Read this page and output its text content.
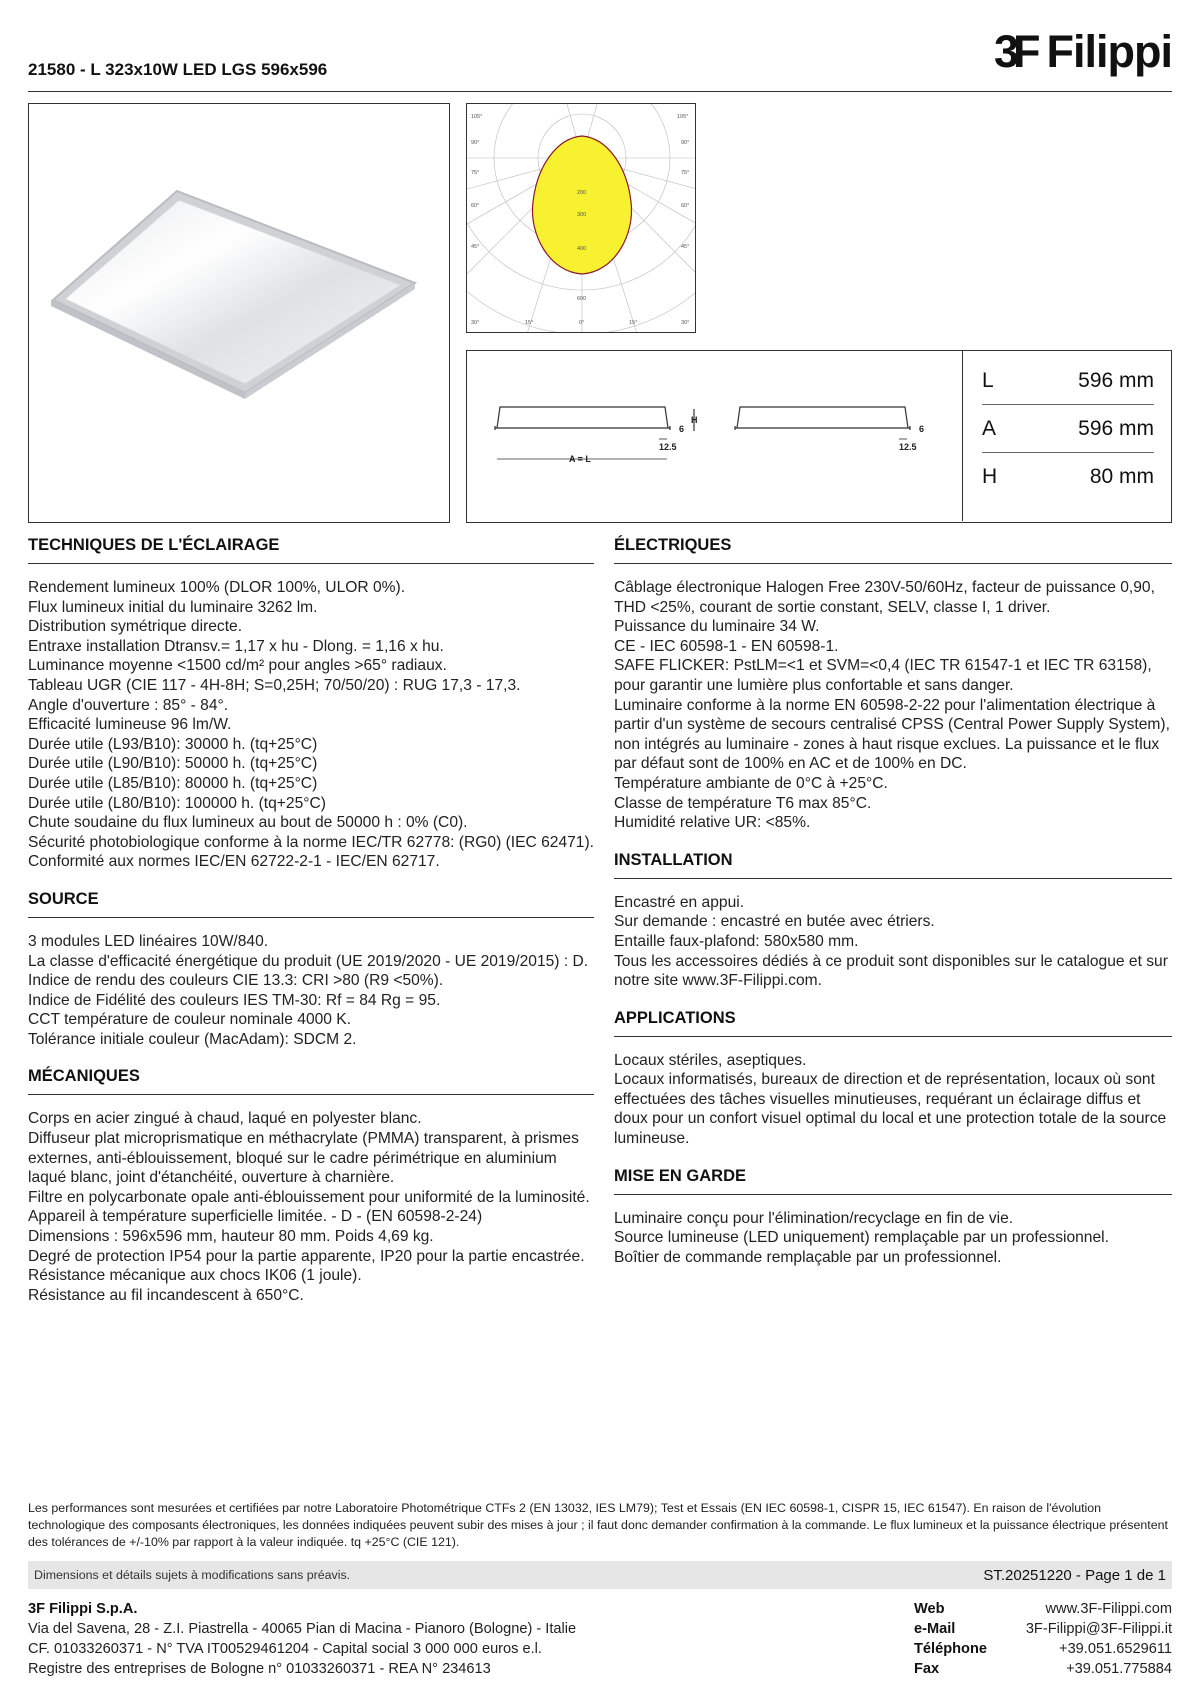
21580 - L 323x10W LED LGS 596x596	3F Filippi
105°	105°
90°
75°
60°
45°
90°
75°
60°
45°
30°	15°	0°	15°	30°
200
300
400
600
H
6	6
12.5	12.5
A = L
L	596 mm
A	596 mm
H	80 mm
TECHNIQUES DE L'ÉCLAIRAGE

Rendement lumineux 100% (DLOR 100%, ULOR 0%).

Flux lumineux initial du luminaire 3262 lm.

Distribution symétrique directe.

Entraxe installation Dtransv.= 1,17 x hu - Dlong. = 1,16 x hu.

Luminance moyenne <1500 cd/m² pour angles >65° radiaux.

Tableau UGR (CIE 117 - 4H-8H; S=0,25H; 70/50/20) : RUG 17,3 - 17,3.

Angle d'ouverture : 85° - 84°.

Efficacité lumineuse 96 lm/W.

Durée utile (L93/B10): 30000 h. (tq+25°C)

Durée utile (L90/B10): 50000 h. (tq+25°C)

Durée utile (L85/B10): 80000 h. (tq+25°C)

Durée utile (L80/B10): 100000 h. (tq+25°C)

Chute soudaine du flux lumineux au bout de 50000 h : 0% (C0).

Sécurité photobiologique conforme à la norme IEC/TR 62778: (RG0) (IEC 62471).

Conformité aux normes IEC/EN 62722-2-1 - IEC/EN 62717.

SOURCE

3 modules LED linéaires 10W/840.

La classe d'efficacité énergétique du produit (UE 2019/2020 - UE 2019/2015) : D.

Indice de rendu des couleurs CIE 13.3: CRI >80 (R9 <50%).

Indice de Fidélité des couleurs IES TM-30: Rf = 84 Rg = 95.

CCT température de couleur nominale 4000 K.

Tolérance initiale couleur (MacAdam): SDCM 2.

MÉCANIQUES

Corps en acier zingué à chaud, laqué en polyester blanc.

Diffuseur plat microprismatique en méthacrylate (PMMA) transparent, à prismes externes, anti-éblouissement, bloqué sur le cadre périmétrique en aluminium laqué blanc, joint d'étanchéité, ouverture à charnière.

Filtre en polycarbonate opale anti-éblouissement pour uniformité de la luminosité.

Appareil à température superficielle limitée. - D - (EN 60598-2-24)

Dimensions : 596x596 mm, hauteur 80 mm. Poids 4,69 kg.

Degré de protection IP54 pour la partie apparente, IP20 pour la partie encastrée.

Résistance mécanique aux chocs IK06 (1 joule).

Résistance au fil incandescent à 650°C.

ÉLECTRIQUES

Câblage électronique Halogen Free 230V-50/60Hz, facteur de puissance 0,90, THD <25%, courant de sortie constant, SELV, classe I, 1 driver.

Puissance du luminaire 34 W.

CE - IEC 60598-1 - EN 60598-1.

SAFE FLICKER: PstLM=<1 et SVM=<0,4 (IEC TR 61547-1 et IEC TR 63158), pour garantir une lumière plus confortable et sans danger.

Luminaire conforme à la norme EN 60598-2-22 pour l'alimentation électrique à partir d'un système de secours centralisé CPSS (Central Power Supply System), non intégrés au luminaire - zones à haut risque exclues. La puissance et le flux par défaut sont de 100% en AC et de 100% en DC.

Température ambiante de 0°C à +25°C.

Classe de température T6 max 85°C.

Humidité relative UR: <85%.

INSTALLATION

Encastré en appui.

Sur demande : encastré en butée avec étriers.

Entaille faux-plafond: 580x580 mm.

Tous les accessoires dédiés à ce produit sont disponibles sur le catalogue et sur notre site www.3F-Filippi.com.

APPLICATIONS

Locaux stériles, aseptiques.

Locaux informatisés, bureaux de direction et de représentation, locaux où sont effectuées des tâches visuelles minutieuses, requérant un éclairage diffus et doux pour un confort visuel optimal du local et une protection totale de la source lumineuse.

MISE EN GARDE

Luminaire conçu pour l'élimination/recyclage en fin de vie.

Source lumineuse (LED uniquement) remplaçable par un professionnel.

Boîtier de commande remplaçable par un professionnel.

Les performances sont mesurées et certifiées par notre Laboratoire Photométrique CTFs 2 (EN 13032, IES LM79); Test et Essais (EN IEC 60598-1, CISPR 15, IEC 61547). En raison de l'évolution technologique des composants électroniques, les données indiquées peuvent subir des mises à jour ; il faut donc demander confirmation à la commande. Le flux lumineux et la puissance électrique présentent des tolérances de +/-10% par rapport à la valeur indiquée. tq +25°C (CIE 121).
Dimensions et détails sujets à modifications sans préavis.	ST.20251220 - Page 1 de 1
3F Filippi S.p.A.
Via del Savena, 28 - Z.I. Piastrella - 40065 Pian di Macina - Pianoro (Bologne) - Italie
CF. 01033260371 - N° TVA IT00529461204 - Capital social 3 000 000 euros e.l.
Registre des entreprises de Bologne n° 01033260371 - REA N° 234613
Web	www.3F-Filippi.com
e-Mail	3F-Filippi@3F-Filippi.it
Téléphone	+39.051.6529611
Fax	+39.051.775884
